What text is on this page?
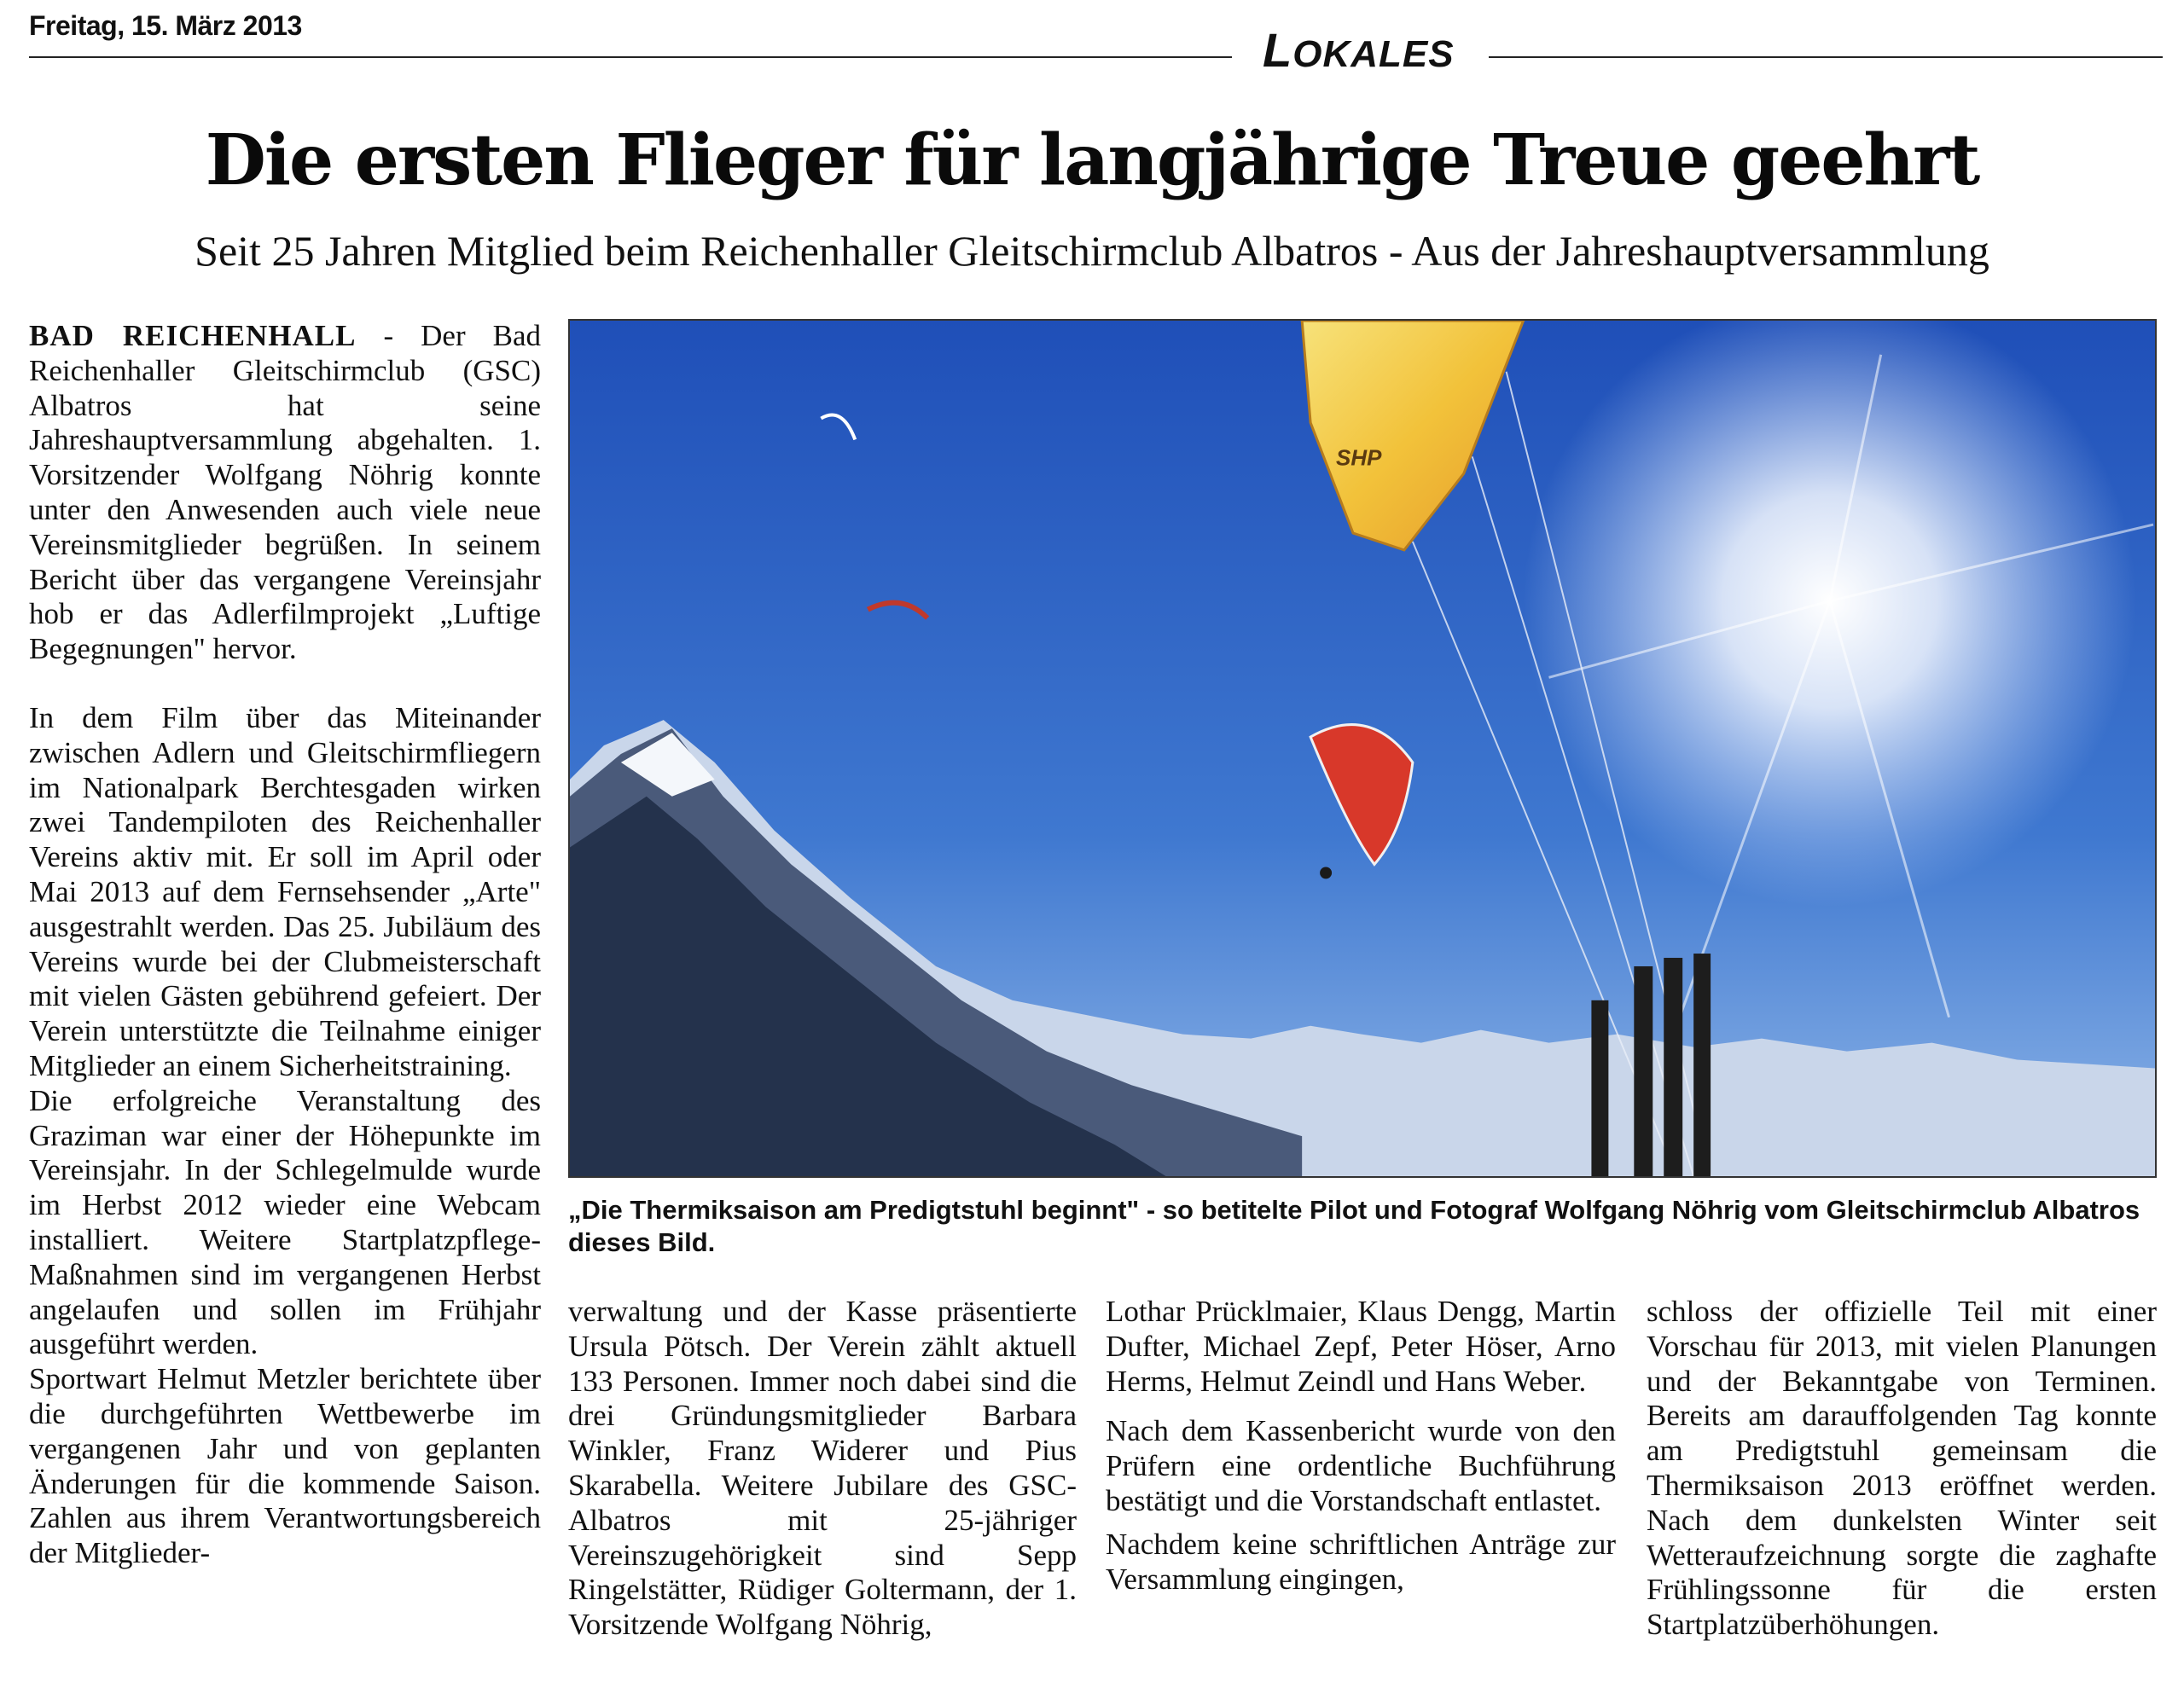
Freitag, 15. März 2013	LOKALES
Die ersten Flieger für langjährige Treue geehrt
Seit 25 Jahren Mitglied beim Reichenhaller Gleitschirmclub Albatros - Aus der Jahreshauptversammlung

BAD REICHENHALL - Der Bad Reichenhaller Gleitschirmclub (GSC) Albatros hat seine Jahreshauptversammlung abgehalten. 1. Vorsitzender Wolfgang Nöhrig konnte unter den Anwesenden auch viele neue Vereinsmitglieder begrüßen. In seinem Bericht über das vergangene Vereinsjahr hob er das Adlerfilmprojekt „Luftige Begegnungen" hervor.

In dem Film über das Miteinander zwischen Adlern und Gleitschirmfliegern im Nationalpark Berchtesgaden wirken zwei Tandempiloten des Reichenhaller Vereins aktiv mit. Er soll im April oder Mai 2013 auf dem Fernsehsender „Arte" ausgestrahlt werden. Das 25. Jubiläum des Vereins wurde bei der Clubmeisterschaft mit vielen Gästen gebührend gefeiert. Der Verein unterstützte die Teilnahme einiger Mitglieder an einem Sicherheitstraining.

Die erfolgreiche Veranstaltung des Graziman war einer der Höhepunkte im Vereinsjahr. In der Schlegelmulde wurde im Herbst 2012 wieder eine Webcam installiert. Weitere Startplatzpflege-Maßnahmen sind im vergangenen Herbst angelaufen und sollen im Frühjahr ausgeführt werden.

Sportwart Helmut Metzler berichtete über die durchgeführten Wettbewerbe im vergangenen Jahr und von geplanten Änderungen für die kommende Saison. Zahlen aus ihrem Verantwortungsbereich der Mitglieder-

SHP
„Die Thermiksaison am Predigtstuhl beginnt" - so betitelte Pilot und Fotograf Wolfgang Nöhrig vom Gleitschirmclub Albatros dieses Bild.

verwaltung und der Kasse präsentierte Ursula Pötsch. Der Verein zählt aktuell 133 Personen. Immer noch dabei sind die drei Gründungsmitglieder Barbara Winkler, Franz Widerer und Pius Skarabella. Weitere Jubilare des GSC-Albatros mit 25-jähriger Vereinszugehörigkeit sind Sepp Ringelstätter, Rüdiger Goltermann, der 1. Vorsitzende Wolfgang Nöhrig,

Lothar Prücklmaier, Klaus Dengg, Martin Dufter, Michael Zepf, Peter Höser, Arno Herms, Helmut Zeindl und Hans Weber.

Nach dem Kassenbericht wurde von den Prüfern eine ordentliche Buchführung bestätigt und die Vorstandschaft entlastet.

Nachdem keine schriftlichen Anträge zur Versammlung eingingen,

schloss der offizielle Teil mit einer Vorschau für 2013, mit vielen Planungen und der Bekanntgabe von Terminen. Bereits am darauffolgenden Tag konnte am Predigtstuhl gemeinsam die Thermiksaison 2013 eröffnet werden. Nach dem dunkelsten Winter seit Wetteraufzeichnung sorgte die zaghafte Frühlingssonne für die ersten Startplatzüberhöhungen.
